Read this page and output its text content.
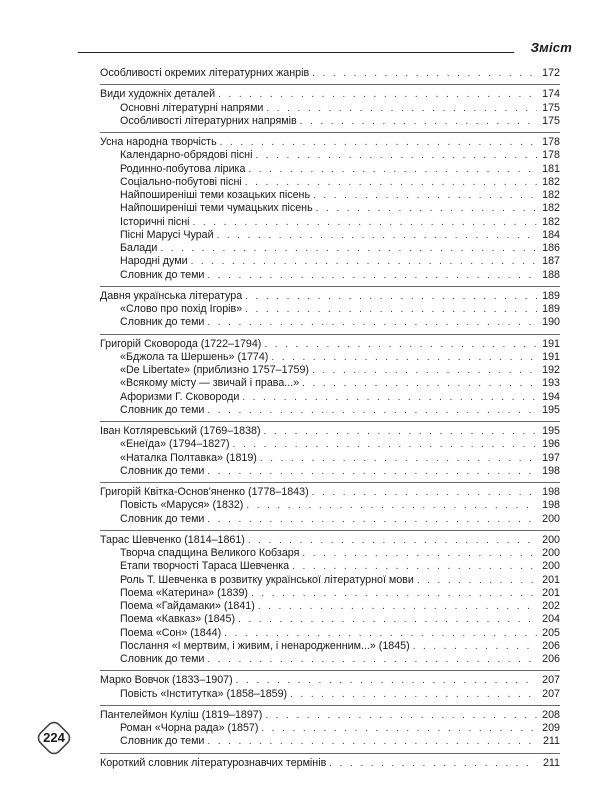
Зміст
Особливості окремих літературних жанрів . . .	172
Види художніх деталей . . .	174
Основні літературні напрями . . .	175
Особливості літературних напрямів . . .	175
Усна народна творчість . . .	178
Календарно-обрядові пісні . . .	178
Родинно-побутова лірика . . .	181
Соціально-побутові пісні . . .	182
Найпоширеніші теми козацьких пісень . . .	182
Найпоширеніші теми чумацьких пісень . . .	182
Історичні пісні . . .	182
Пісні Марусі Чурай . . .	184
Балади . . .	186
Народні думи . . .	187
Словник до теми . . .	188
Давня українська література . . .	189
«Слово про похід Ігорів» . . .	189
Словник до теми . . .	190
Григорій Сковорода (1722–1794) . . .	191
«Бджола та Шершень» (1774) . . .	191
«De Libertate» (приблизно 1757–1759) . . .	192
«Всякому місту — звичай і права...» . . .	193
Афоризми Г. Сковороди . . .	194
Словник до теми . . .	195
Іван Котляревський (1769–1838) . . .	195
«Енеїда» (1794–1827) . . .	196
«Наталка Полтавка» (1819) . . .	197
Словник до теми . . .	198
Григорій Квітка-Основ'яненко (1778–1843) . . .	198
Повість «Маруся» (1832) . . .	198
Словник до теми . . .	200
Тарас Шевченко (1814–1861) . . .	200
Творча спадщина Великого Кобзаря . . .	200
Етапи творчості Тараса Шевченка . . .	200
Роль Т. Шевченка в розвитку української літературної мови . . .	201
Поема «Катерина» (1839) . . .	201
Поема «Гайдамаки» (1841) . . .	202
Поема «Кавказ» (1845) . . .	204
Поема «Сон» (1844) . . .	205
Послання «І мертвим, і живим, і ненародженним...» (1845) . . .	206
Словник до теми . . .	206
Марко Вовчок (1833–1907) . . .	207
Повість «Інститутка» (1858–1859) . . .	207
Пантелеймон Куліш (1819–1897) . . .	208
Роман «Чорна рада» (1857) . . .	209
Словник до теми . . .	211
Короткий словник літературознавчих термінів . . .	211
224
